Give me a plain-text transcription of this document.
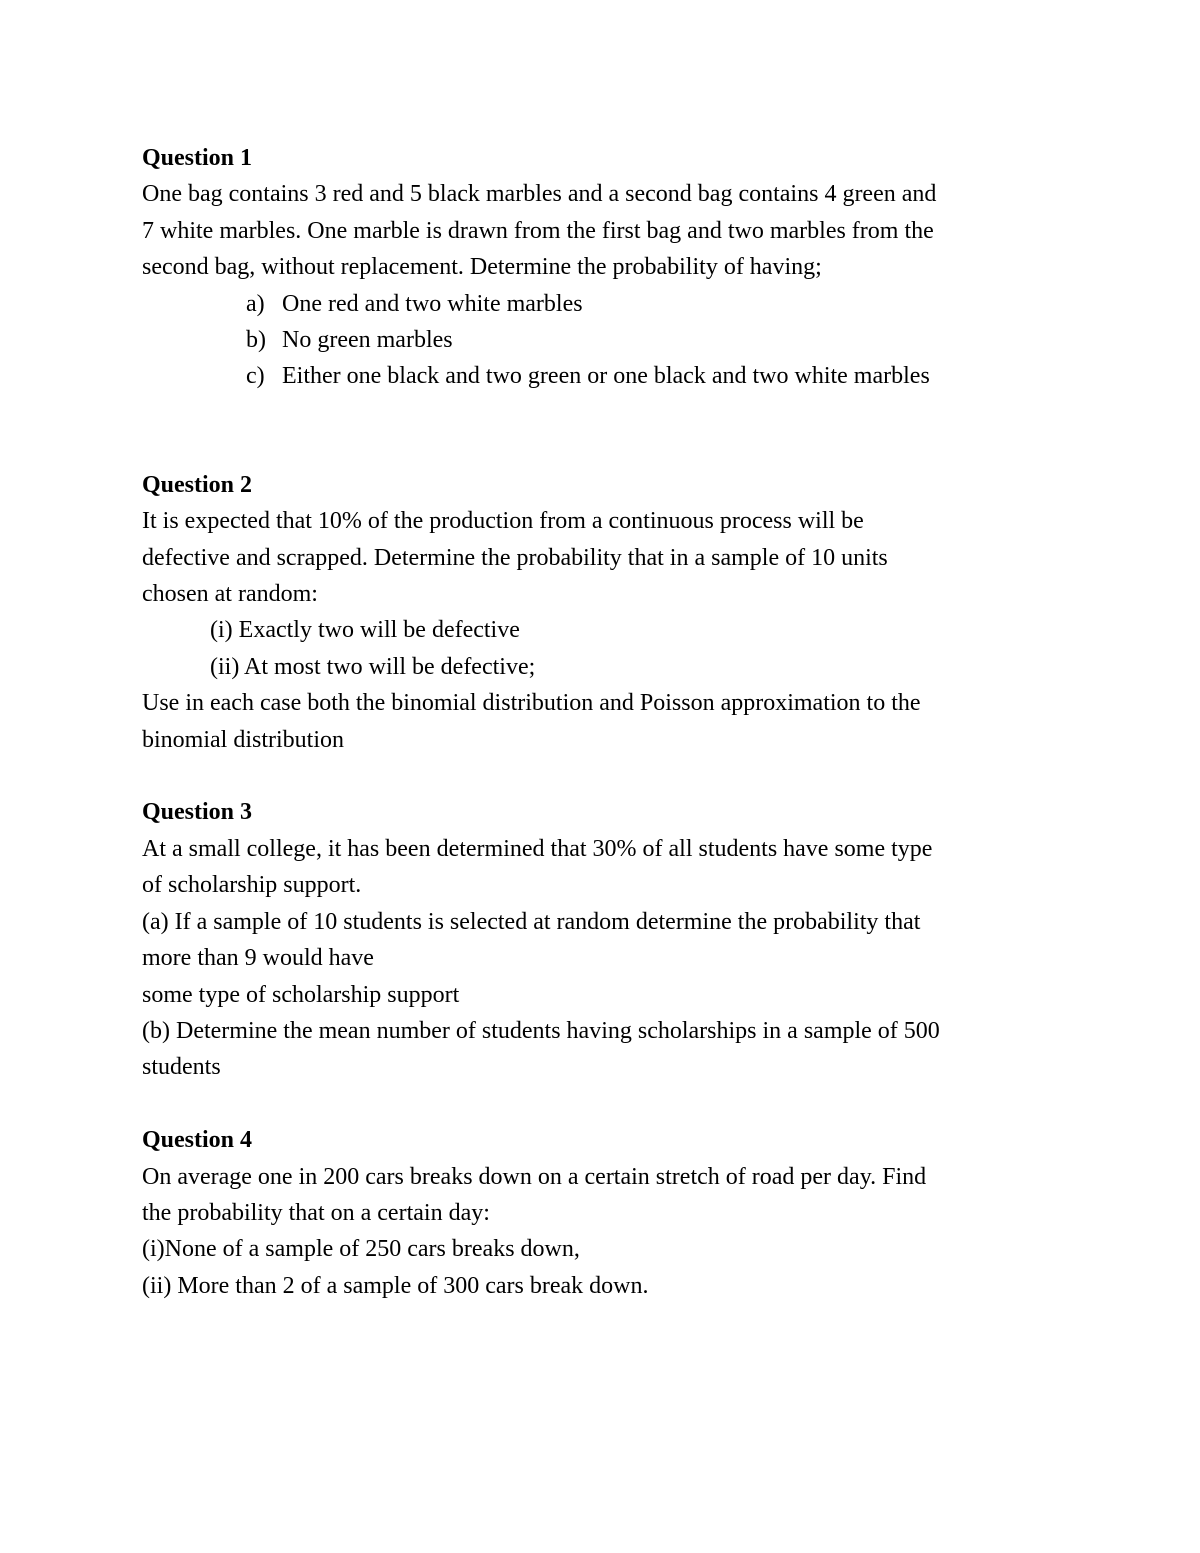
Question 1

One bag contains 3 red and 5 black marbles and a second bag contains 4 green and

7 white marbles. One marble is drawn from the first bag and two marbles from the

second bag, without replacement. Determine the probability of having;

a) One red and two white marbles
b) No green marbles
c) Either one black and two green or one black and two white marbles

Question 2

It is expected that 10% of the production from a continuous process will be

defective and scrapped. Determine the probability that in a sample of 10 units

chosen at random:

(i) Exactly two will be defective
(ii) At most two will be defective;

Use in each case both the binomial distribution and Poisson approximation to the

binomial distribution

Question 3

At a small college, it has been determined that 30% of all students have some type

of scholarship support.

(a) If a sample of 10 students is selected at random determine the probability that

more than 9 would have

some type of scholarship support

(b) Determine the mean number of students having scholarships in a sample of 500

students

Question 4

On average one in 200 cars breaks down on a certain stretch of road per day. Find

the probability that on a certain day:

(i)None of a sample of 250 cars breaks down,

(ii) More than 2 of a sample of 300 cars break down.
